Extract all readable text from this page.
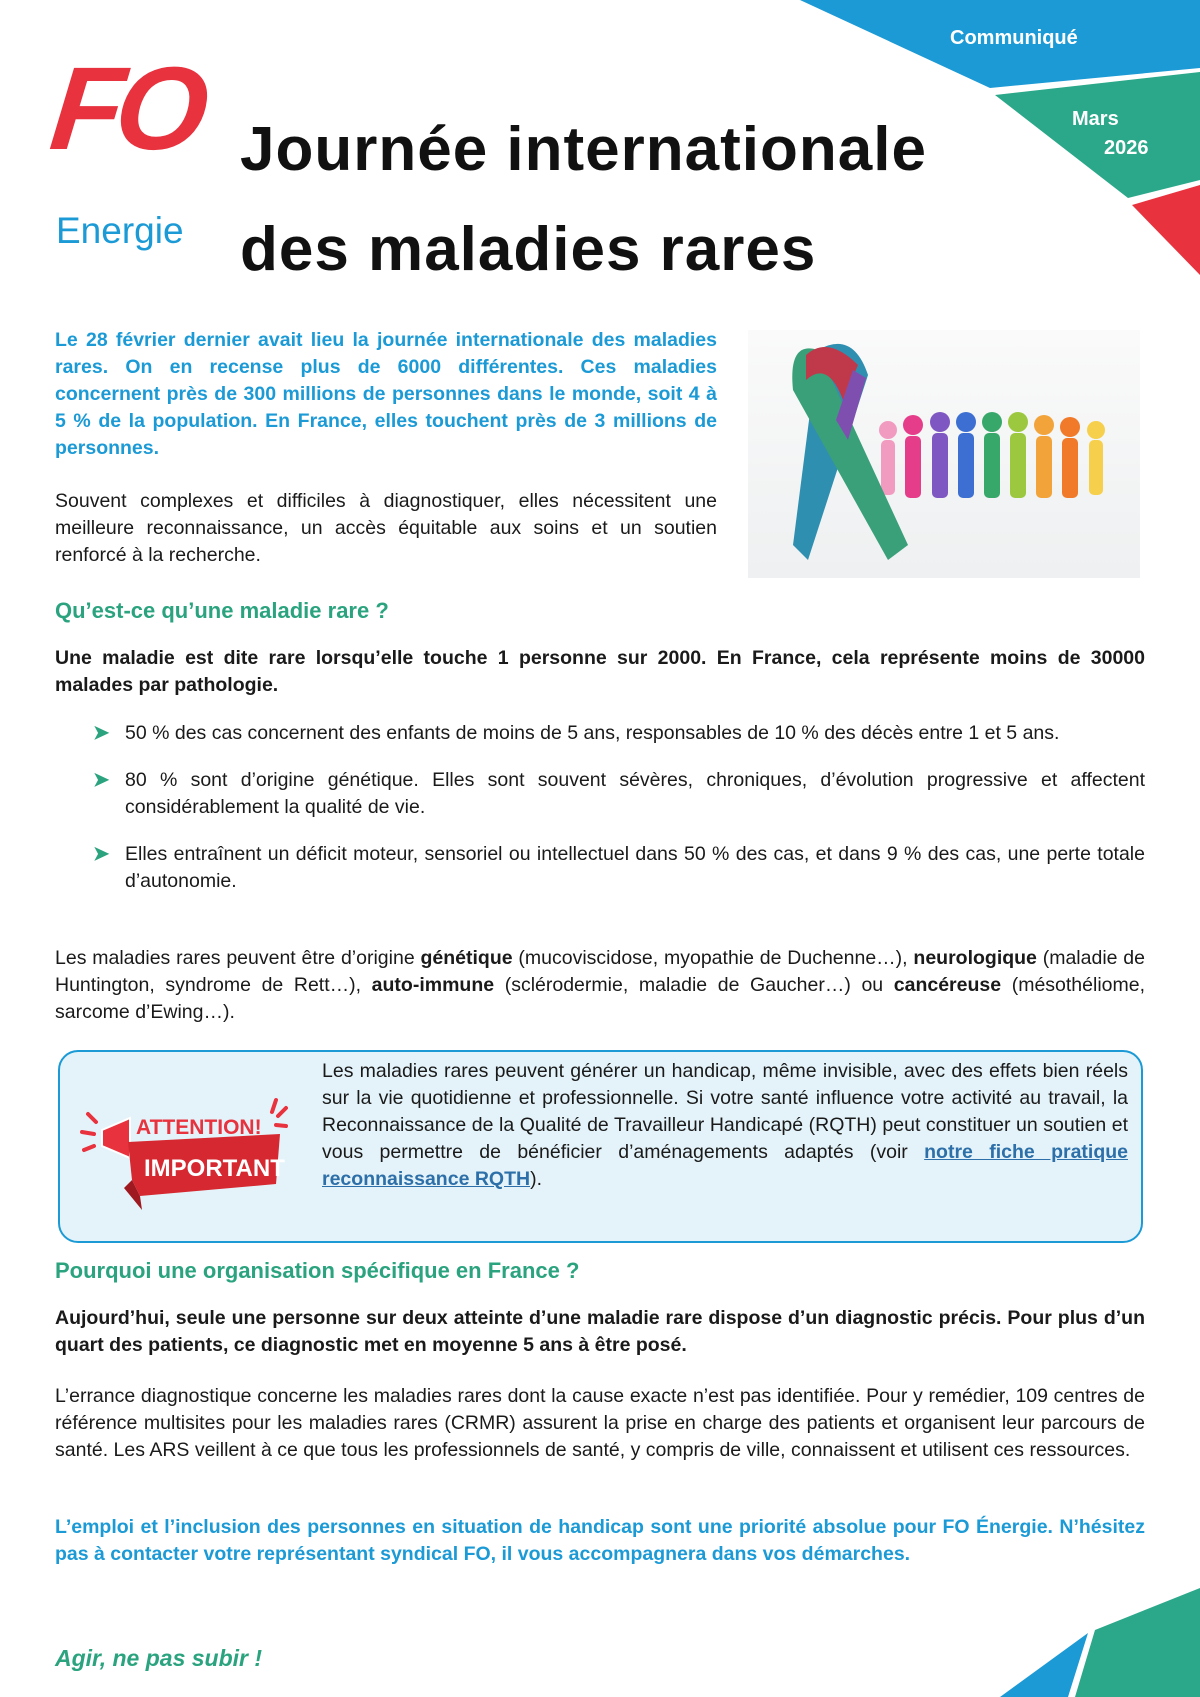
FO
Energie
Journée internationale
des maladies rares
Communiqué
Mars
2026

Le 28 février dernier avait lieu la journée internationale des maladies rares. On en recense plus de 6000 différentes. Ces maladies concernent près de 300 millions de personnes dans le monde, soit 4 à 5 % de la population. En France, elles touchent près de 3 millions de personnes.

Souvent complexes et difficiles à diagnostiquer, elles nécessitent une meilleure reconnaissance, un accès équitable aux soins et un soutien renforcé à la recherche.

Qu’est-ce qu’une maladie rare ?

Une maladie est dite rare lorsqu’elle touche 1 personne sur 2000. En France, cela représente moins de 30000 malades par pathologie.

➤ 50 % des cas concernent des enfants de moins de 5 ans, responsables de 10 % des décès entre 1 et 5 ans.
➤ 80 % sont d’origine génétique. Elles sont souvent sévères, chroniques, d’évolution progressive et affectent considérablement la qualité de vie.
➤ Elles entraînent un déficit moteur, sensoriel ou intellectuel dans 50 % des cas, et dans 9 % des cas, une perte totale d’autonomie.

Les maladies rares peuvent être d’origine génétique (mucoviscidose, myopathie de Duchenne…), neurologique (maladie de Huntington, syndrome de Rett…), auto-immune (sclérodermie, maladie de Gaucher…) ou cancéreuse (mésothéliome, sarcome d’Ewing…).

ATTENTION!
IMPORTANT

Les maladies rares peuvent générer un handicap, même invisible, avec des effets bien réels sur la vie quotidienne et professionnelle. Si votre santé influence votre activité au travail, la Reconnaissance de la Qualité de Travailleur Handicapé (RQTH) peut constituer un soutien et vous permettre de bénéficier d’aménagements adaptés (voir notre fiche pratique reconnaissance RQTH).

Pourquoi une organisation spécifique en France ?

Aujourd’hui, seule une personne sur deux atteinte d’une maladie rare dispose d’un diagnostic précis. Pour plus d’un quart des patients, ce diagnostic met en moyenne 5 ans à être posé.

L’errance diagnostique concerne les maladies rares dont la cause exacte n’est pas identifiée. Pour y remédier, 109 centres de référence multisites pour les maladies rares (CRMR) assurent la prise en charge des patients et organisent leur parcours de santé. Les ARS veillent à ce que tous les professionnels de santé, y compris de ville, connaissent et utilisent ces ressources.

L’emploi et l’inclusion des personnes en situation de handicap sont une priorité absolue pour FO Énergie. N’hésitez pas à contacter votre représentant syndical FO, il vous accompagnera dans vos démarches.

Agir, ne pas subir !
